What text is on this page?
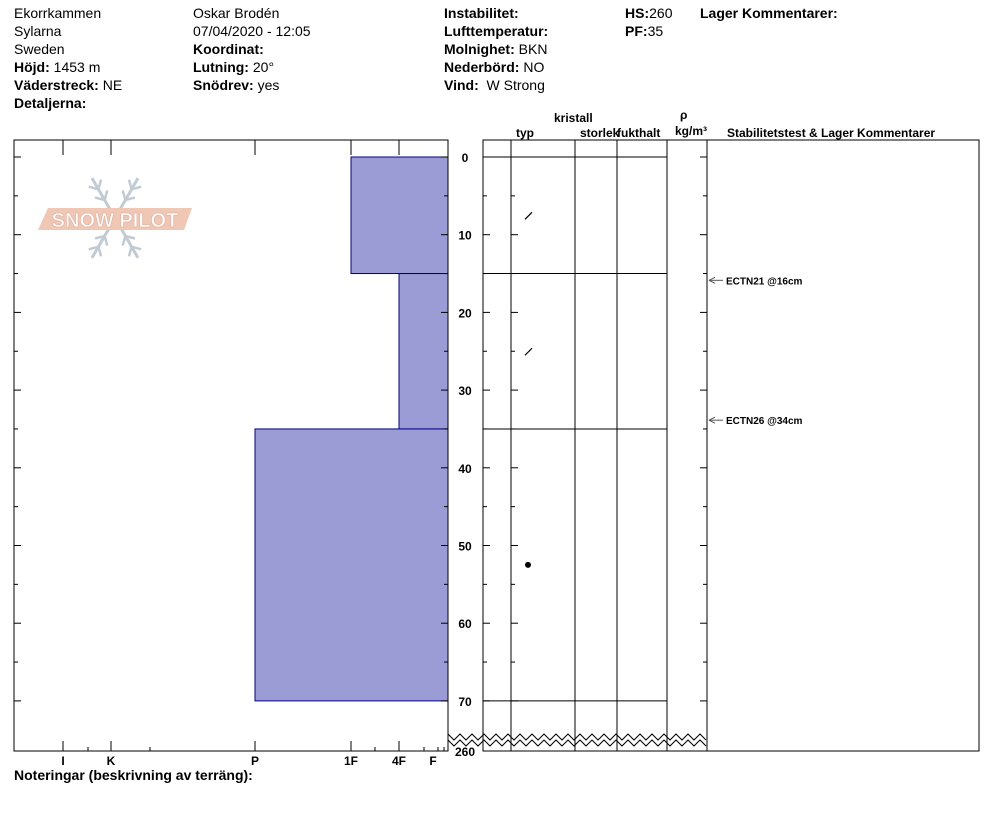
Ekorrkammen
Sylarna
Sweden
Höjd: 1453 m
Väderstreck: NE
Detaljerna:
Oskar Brodén
07/04/2020 - 12:05
Koordinat:
Lutning: 20°
Snödrev: yes
Instabilitet:
Lufttemperatur:
Molnighet: BKN
Nederbörd: NO
Vind: W Strong
HS:260
PF:35
Lager Kommentarer:
kristall
typ	storlek
fukthalt
ρ
kg/m³ Stabilitetstest & Lager Kommentarer
Noteringar (beskrivning av terräng):
0
10
20
30
40
50
60
70
260
I	K	P	1F	4F F
ECTN21 @16cm
ECTN26 @34cm
SNOW PILOT
